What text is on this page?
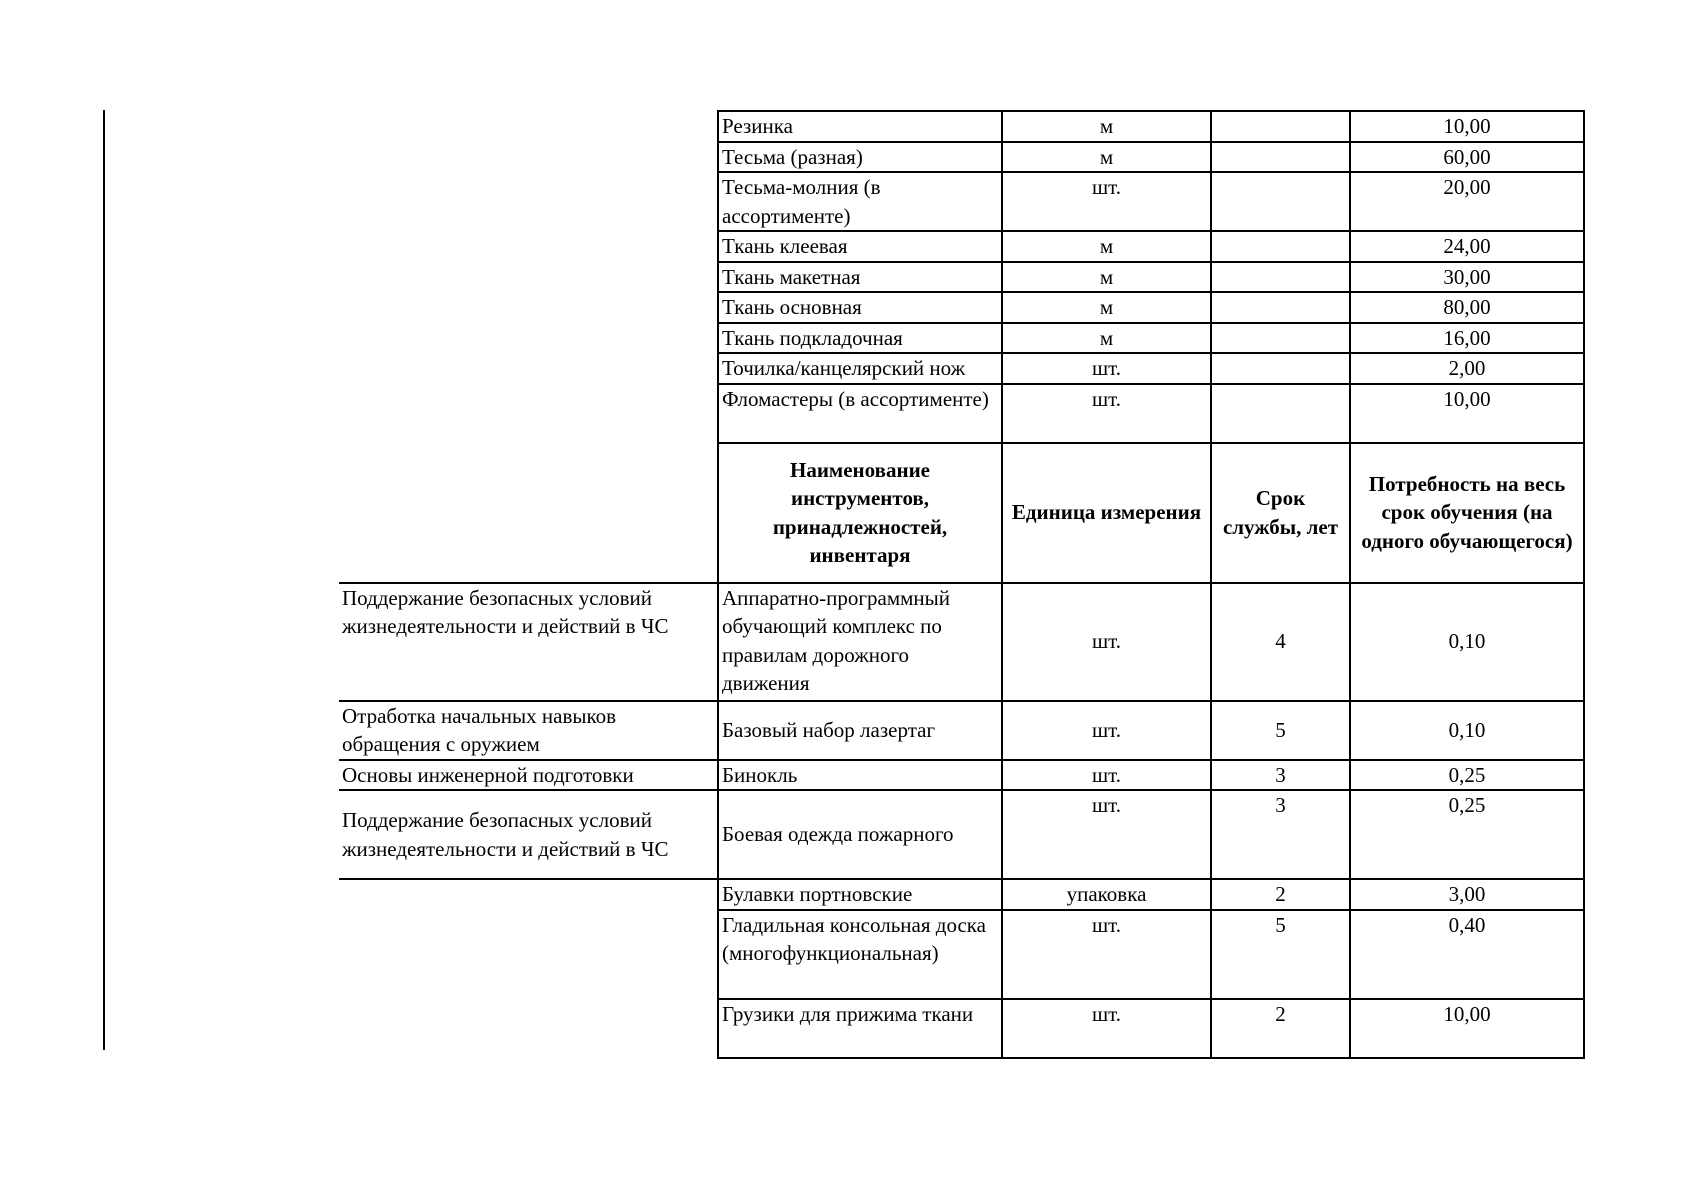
	Резинка	м		10,00
	Тесьма (разная)	м		60,00
	Тесьма-молния (в ассортименте)	шт.		20,00
	Ткань клеевая	м		24,00
	Ткань макетная	м		30,00
	Ткань основная	м		80,00
	Ткань подкладочная	м		16,00
	Точилка/канцелярский нож	шт.		2,00
	Фломастеры (в ассортименте)	шт.		10,00
	Наименование инструментов, принадлежностей, инвентаря	Единица измерения	Срок службы, лет	Потребность на весь срок обучения (на одного обучающегося)
Поддержание безопасных условий жизнедеятельности и действий в ЧС	Аппаратно-программный обучающий комплекс по правилам дорожного движения	шт.	4	0,10
Отработка начальных навыков обращения с оружием	Базовый набор лазертаг	шт.	5	0,10
Основы инженерной подготовки	Бинокль	шт.	3	0,25
Поддержание безопасных условий жизнедеятельности и действий в ЧС	Боевая одежда пожарного	шт.	3	0,25
	Булавки портновские	упаковка	2	3,00
	Гладильная консольная доска (многофункциональная)	шт.	5	0,40
	Грузики для прижима ткани	шт.	2	10,00
